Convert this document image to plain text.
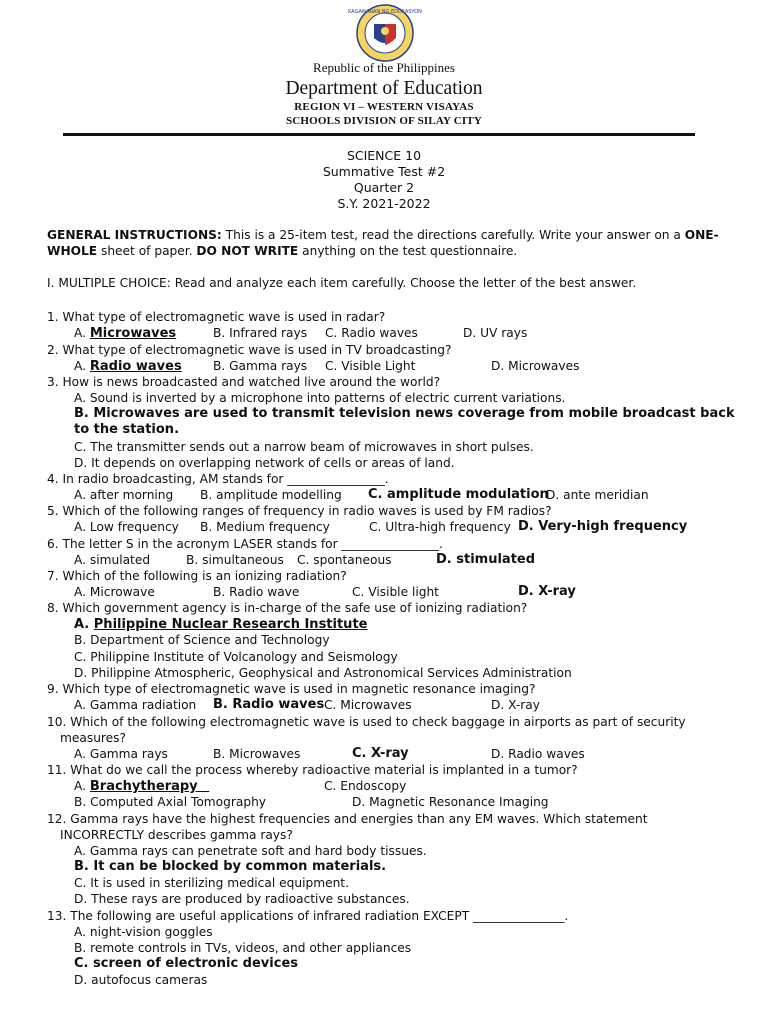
KAGAWARAN NG EDUKASYON
Republic of the Philippines
Department of Education
REGION VI – WESTERN VISAYAS
SCHOOLS DIVISION OF SILAY CITY
SCIENCE 10
Summative Test #2
Quarter 2
S.Y. 2021-2022
GENERAL INSTRUCTIONS: This is a 25-item test, read the directions carefully. Write your answer on a ONE-WHOLE sheet of paper. DO NOT WRITE anything on the test questionnaire.
I. MULTIPLE CHOICE: Read and analyze each item carefully. Choose the letter of the best answer.
1. What type of electromagnetic wave is used in radar?
A. Microwaves	B. Infrared rays C. Radio waves	D. UV rays
2. What type of electromagnetic wave is used in TV broadcasting?
A. Radio waves	B. Gamma rays C. Visible Light	D. Microwaves
3. How is news broadcasted and watched live around the world?
A. Sound is inverted by a microphone into patterns of electric current variations.
B. Microwaves are used to transmit television news coverage from mobile broadcast back
to the station.
C. The transmitter sends out a narrow beam of microwaves in short pulses.
D. It depends on overlapping network of cells or areas of land.
4. In radio broadcasting, AM stands for ________________.
A. after morning B. amplitude modelling C. amplitude modulation
D. ante meridian
5. Which of the following ranges of frequency in radio waves is used by FM radios?
A. Low frequency B. Medium frequency	C. Ultra-high frequency D. Very-high frequency
6. The letter S in the acronym LASER stands for ________________.
A. simulated	B. simultaneous C. spontaneous	D. stimulated
7. Which of the following is an ionizing radiation?
A. Microwave	B. Radio wave	C. Visible light	D. X-ray
8. Which government agency is in-charge of the safe use of ionizing radiation?
A. Philippine Nuclear Research Institute
B. Department of Science and Technology
C. Philippine Institute of Volcanology and Seismology
D. Philippine Atmospheric, Geophysical and Astronomical Services Administration
9. Which type of electromagnetic wave is used in magnetic resonance imaging?
A. Gamma radiation B. Radio waves C. Microwaves	D. X-ray
10. Which of the following electromagnetic wave is used to check baggage in airports as part of security
measures?
A. Gamma rays	B. Microwaves	C. X-ray	D. Radio waves
11. What do we call the process whereby radioactive material is implanted in a tumor?
A. Brachytherapy	C. Endoscopy
B. Computed Axial Tomography	D. Magnetic Resonance Imaging
12. Gamma rays have the highest frequencies and energies than any EM waves. Which statement
INCORRECTLY describes gamma rays?
A. Gamma rays can penetrate soft and hard body tissues.
B. It can be blocked by common materials.
C. It is used in sterilizing medical equipment.
D. These rays are produced by radioactive substances.
13. The following are useful applications of infrared radiation EXCEPT _______________.
A. night-vision goggles
B. remote controls in TVs, videos, and other appliances
C. screen of electronic devices
D. autofocus cameras
